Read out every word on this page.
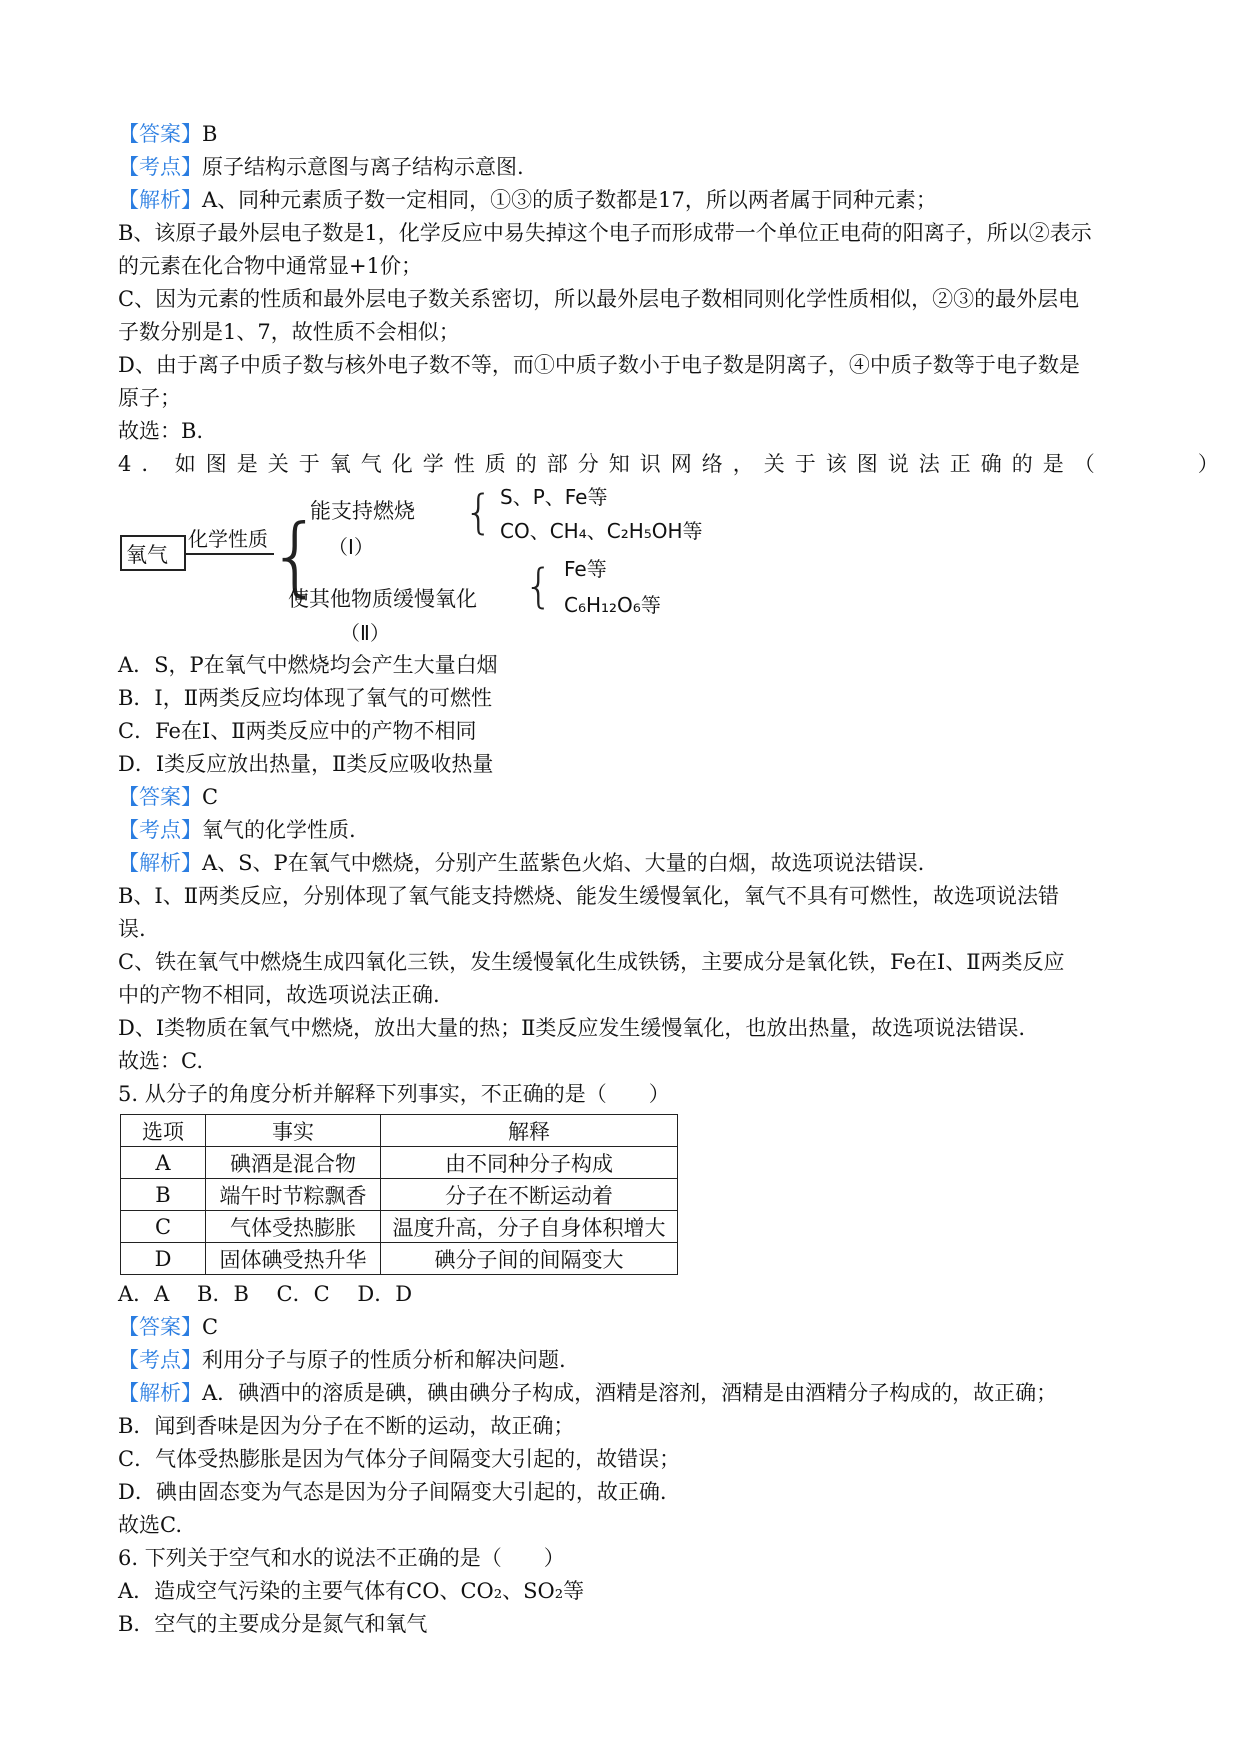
【答案】B
【考点】原子结构示意图与离子结构示意图.
【解析】A、同种元素质子数一定相同，①③的质子数都是17，所以两者属于同种元素；
B、该原子最外层电子数是1，化学反应中易失掉这个电子而形成带一个单位正电荷的阳离子，所以②表示
的元素在化合物中通常显+1价；
C、因为元素的性质和最外层电子数关系密切，所以最外层电子数相同则化学性质相似，②③的最外层电
子数分别是1、7，故性质不会相似；
D、由于离子中质子数与核外电子数不等，而①中质子数小于电子数是阴离子，④中质子数等于电子数是
原子；
故选：B.
4. 如图是关于氧气化学性质的部分知识网络，关于该图说法正确的是（　　　）
氧气
化学性质 {
能支持燃烧
（Ⅰ）
{ S、P、Fe等
CO、CH₄、C₂H₅OH等
使其他物质缓慢氧化
（Ⅱ）
{ Fe等
C₆H₁₂O₆等
A．S，P在氧气中燃烧均会产生大量白烟
B．Ⅰ，Ⅱ两类反应均体现了氧气的可燃性
C．Fe在Ⅰ、Ⅱ两类反应中的产物不相同
D．Ⅰ类反应放出热量，Ⅱ类反应吸收热量
【答案】C
【考点】氧气的化学性质.
【解析】A、S、P在氧气中燃烧，分别产生蓝紫色火焰、大量的白烟，故选项说法错误.
B、Ⅰ、Ⅱ两类反应，分别体现了氧气能支持燃烧、能发生缓慢氧化，氧气不具有可燃性，故选项说法错
误.
C、铁在氧气中燃烧生成四氧化三铁，发生缓慢氧化生成铁锈，主要成分是氧化铁，Fe在Ⅰ、Ⅱ两类反应
中的产物不相同，故选项说法正确.
D、Ⅰ类物质在氧气中燃烧，放出大量的热；Ⅱ类反应发生缓慢氧化，也放出热量，故选项说法错误.
故选：C.
5. 从分子的角度分析并解释下列事实，不正确的是（　　）
选项	事实	解释
A	碘酒是混合物	由不同种分子构成
B	端午时节粽飘香	分子在不断运动着
C	气体受热膨胀	温度升高，分子自身体积增大
D	固体碘受热升华	碘分子间的间隔变大
A．A　 B．B　 C．C　 D．D
【答案】C
【考点】利用分子与原子的性质分析和解决问题.
【解析】A．碘酒中的溶质是碘，碘由碘分子构成，酒精是溶剂，酒精是由酒精分子构成的，故正确；
B．闻到香味是因为分子在不断的运动，故正确；
C．气体受热膨胀是因为气体分子间隔变大引起的，故错误；
D．碘由固态变为气态是因为分子间隔变大引起的，故正确.
故选C.
6. 下列关于空气和水的说法不正确的是（　　）
A．造成空气污染的主要气体有CO、CO₂、SO₂等
B．空气的主要成分是氮气和氧气
